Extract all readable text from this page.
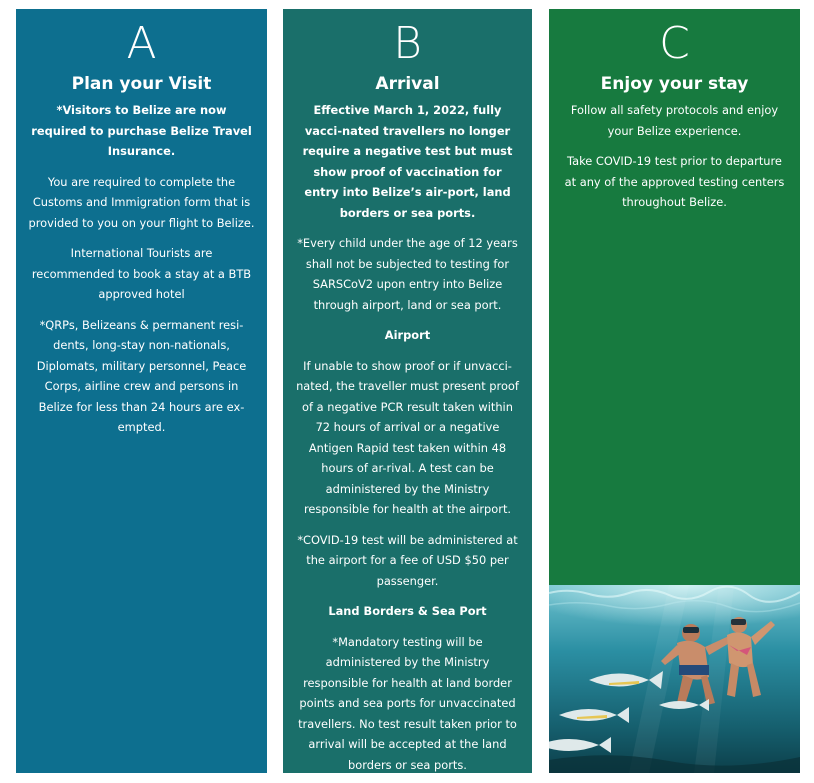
A
Plan your Visit

*Visitors to Belize are now required to purchase Belize Travel Insurance.

You are required to complete the Customs and Immigration form that is provided to you on your flight to Belize.

International Tourists are recommended to book a stay at a BTB approved hotel

*QRPs, Belizeans & permanent resi-dents, long-stay non-nationals, Diplomats, military personnel, Peace Corps, airline crew and persons in Belize for less than 24 hours are ex-empted.

B
Arrival

Effective March 1, 2022, fully vacci-nated travellers no longer require a negative test but must show proof of vaccination for entry into Belize’s air-port, land borders or sea ports.

*Every child under the age of 12 years shall not be subjected to testing for SARSCoV2 upon entry into Belize through airport, land or sea port.

Airport

If unable to show proof or if unvacci-nated, the traveller must present proof of a negative PCR result taken within 72 hours of arrival or a negative Antigen Rapid test taken within 48 hours of ar-rival. A test can be administered by the Ministry responsible for health at the airport.

*COVID-19 test will be administered at the airport for a fee of USD $50 per passenger.

Land Borders & Sea Port

*Mandatory testing will be administered by the Ministry responsible for health at land border points and sea ports for unvaccinated travellers. No test result taken prior to arrival will be accepted at the land borders or sea ports.

C
Enjoy your stay

Follow all safety protocols and enjoy your Belize experience.

Take COVID-19 test prior to departure at any of the approved testing centers throughout Belize.
